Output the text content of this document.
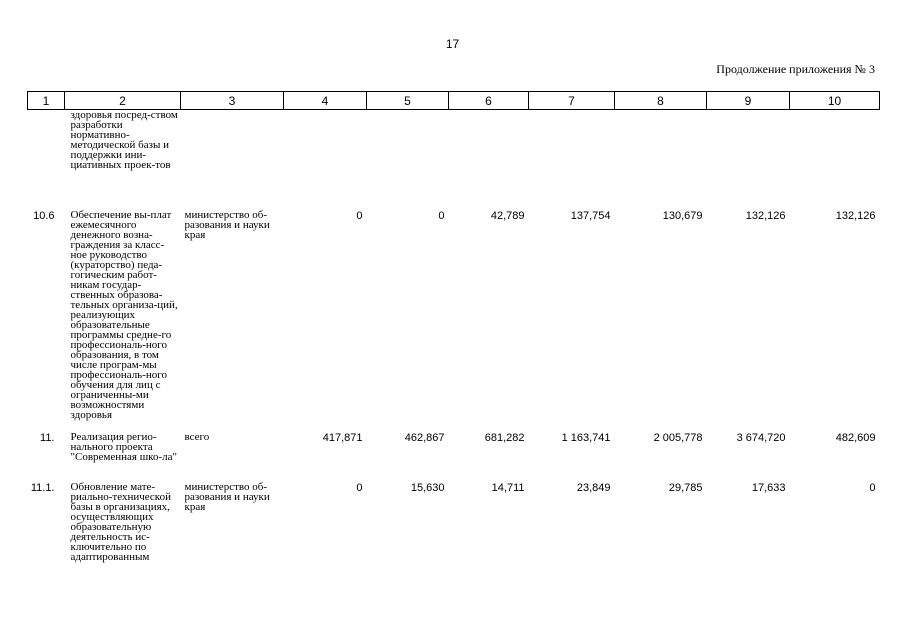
17
Продолжение приложения № 3
1	2	3	4	5	6	7	8	9	10
	здоровья посред-ством разработки нормативно-методической базы и поддержки ини-циативных проек-тов								
10.6	Обеспечение вы-плат ежемесячного денежного возна-граждения за класс-ное руководство (кураторство) педа-гогическим работ-никам государ-ственных образова-тельных организа-ций, реализующих образовательные программы средне-го профессиональ-ного образования, в том числе програм-мы профессиональ-ного обучения для лиц с ограниченны-ми возможностями здоровья	министерство об-разования и науки края	0	0	42,789	137,754	130,679	132,126	132,126
11.	Реализация регио-нального проекта "Современная шко-ла"	всего	417,871	462,867	681,282	1 163,741	2 005,778	3 674,720	482,609
11.1.	Обновление мате-риально-технической базы в организациях, осуществляющих образовательную деятельность ис-ключительно по адаптированным	министерство об-разования и науки края	0	15,630	14,711	23,849	29,785	17,633	0
